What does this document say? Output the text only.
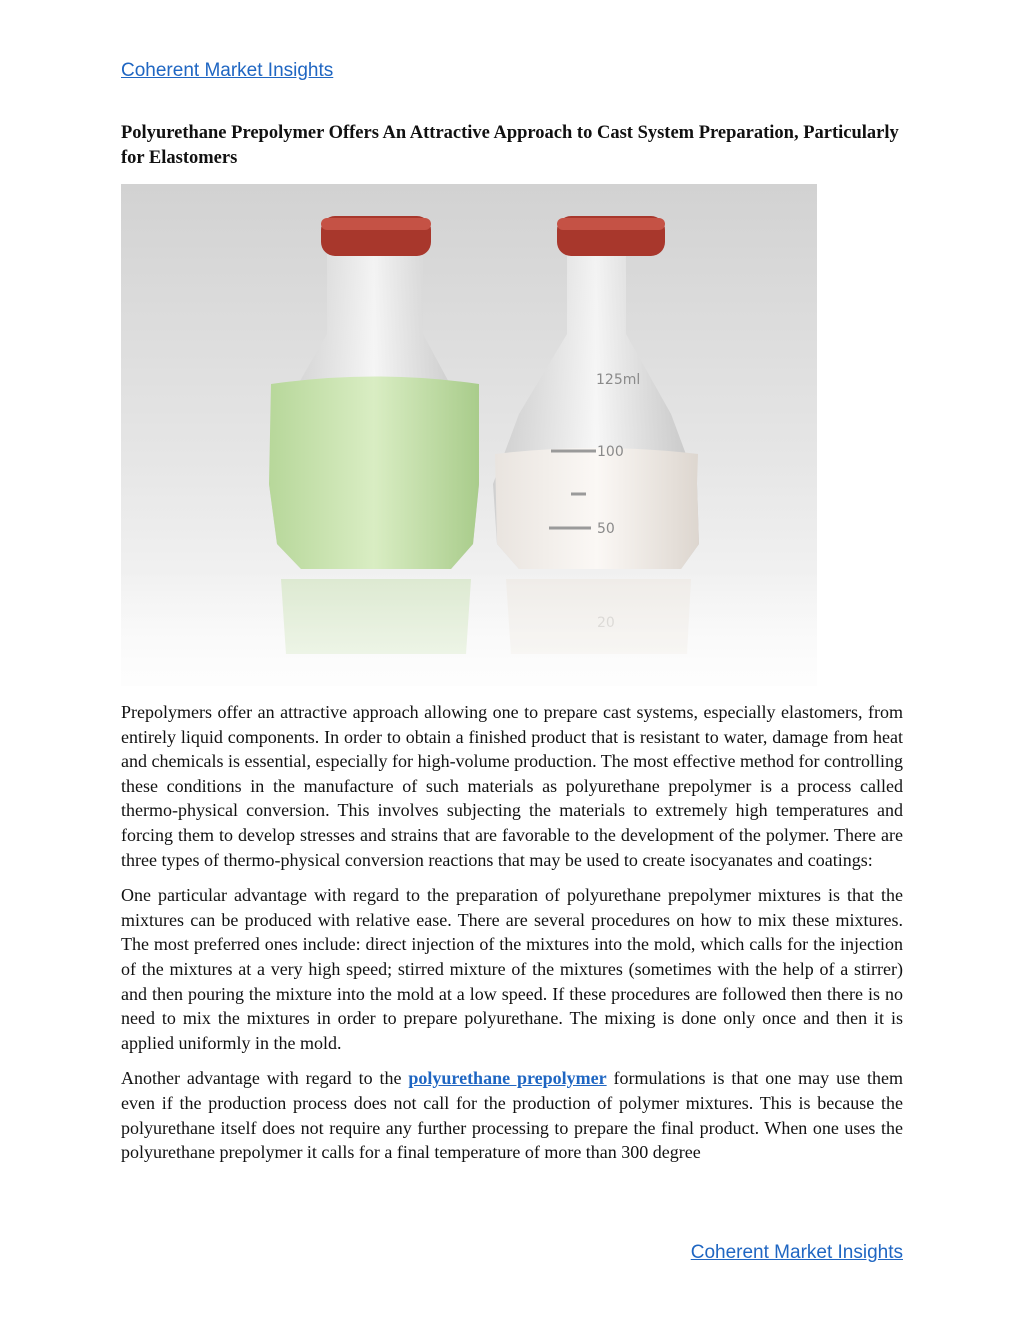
Coherent Market Insights
Polyurethane Prepolymer Offers An Attractive Approach to Cast System Preparation, Particularly for Elastomers
125ml
100
50

Prepolymers offer an attractive approach allowing one to prepare cast systems, especially elastomers, from entirely liquid components. In order to obtain a finished product that is resistant to water, damage from heat and chemicals is essential, especially for high-volume production. The most effective method for controlling these conditions in the manufacture of such materials as polyurethane prepolymer is a process called thermo-physical conversion. This involves subjecting the materials to extremely high temperatures and forcing them to develop stresses and strains that are favorable to the development of the polymer. There are three types of thermo-physical conversion reactions that may be used to create isocyanates and coatings:

One particular advantage with regard to the preparation of polyurethane prepolymer mixtures is that the mixtures can be produced with relative ease. There are several procedures on how to mix these mixtures. The most preferred ones include: direct injection of the mixtures into the mold, which calls for the injection of the mixtures at a very high speed; stirred mixture of the mixtures (sometimes with the help of a stirrer) and then pouring the mixture into the mold at a low speed. If these procedures are followed then there is no need to mix the mixtures in order to prepare polyurethane. The mixing is done only once and then it is applied uniformly in the mold.

Another advantage with regard to the polyurethane prepolymer formulations is that one may use them even if the production process does not call for the production of polymer mixtures. This is because the polyurethane itself does not require any further processing to prepare the final product. When one uses the polyurethane prepolymer it calls for a final temperature of more than 300 degree

Coherent Market Insights
